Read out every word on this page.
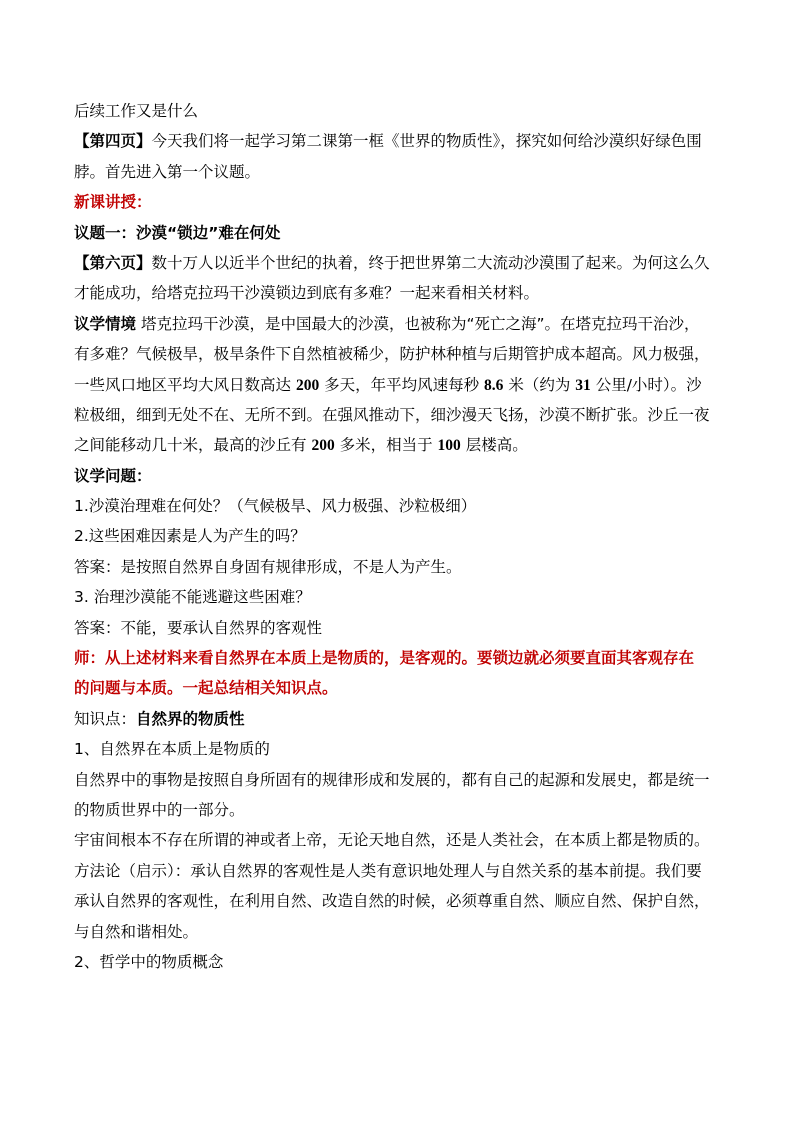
后续工作又是什么
【第四页】今天我们将一起学习第二课第一框《世界的物质性》，探究如何给沙漠织好绿色围
脖。首先进入第一个议题。
新课讲授：
议题一：沙漠“锁边”难在何处
【第六页】数十万人以近半个世纪的执着，终于把世界第二大流动沙漠围了起来。为何这么久
才能成功，给塔克拉玛干沙漠锁边到底有多难？一起来看相关材料。
议学情境 塔克拉玛干沙漠，是中国最大的沙漠，也被称为“死亡之海”。在塔克拉玛干治沙，
有多难？气候极旱，极旱条件下自然植被稀少，防护林种植与后期管护成本超高。风力极强，
一些风口地区平均大风日数高达 200 多天，年平均风速每秒 8.6 米（约为 31 公里/小时）。沙
粒极细，细到无处不在、无所不到。在强风推动下，细沙漫天飞扬，沙漠不断扩张。沙丘一夜
之间能移动几十米，最高的沙丘有 200 多米，相当于 100 层楼高。
议学问题：
1.沙漠治理难在何处？（气候极旱、风力极强、沙粒极细）
2.这些困难因素是人为产生的吗？
答案：是按照自然界自身固有规律形成，不是人为产生。
3. 治理沙漠能不能逃避这些困难？
答案：不能，要承认自然界的客观性
师：从上述材料来看自然界在本质上是物质的，是客观的。要锁边就必须要直面其客观存在
的问题与本质。一起总结相关知识点。
知识点：自然界的物质性
1、自然界在本质上是物质的
自然界中的事物是按照自身所固有的规律形成和发展的，都有自己的起源和发展史，都是统一
的物质世界中的一部分。
宇宙间根本不存在所谓的神或者上帝，无论天地自然，还是人类社会，在本质上都是物质的。
方法论（启示）：承认自然界的客观性是人类有意识地处理人与自然关系的基本前提。我们要
承认自然界的客观性，在利用自然、改造自然的时候，必须尊重自然、顺应自然、保护自然，
与自然和谐相处。
2、哲学中的物质概念
